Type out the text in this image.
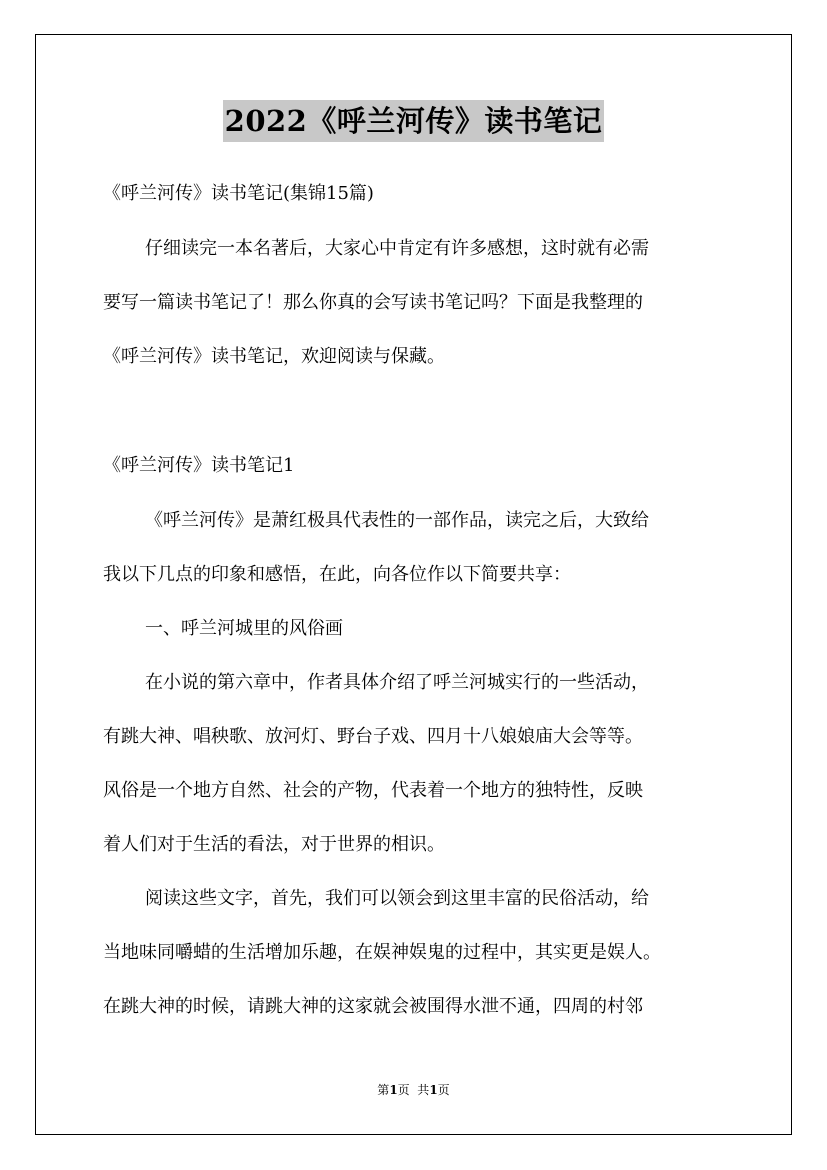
2022《呼兰河传》读书笔记
《呼兰河传》读书笔记(集锦15篇)
仔细读完一本名著后，大家心中肯定有许多感想，这时就有必需
要写一篇读书笔记了！那么你真的会写读书笔记吗？下面是我整理的
《呼兰河传》读书笔记，欢迎阅读与保藏。
《呼兰河传》读书笔记1
《呼兰河传》是萧红极具代表性的一部作品，读完之后，大致给
我以下几点的印象和感悟，在此，向各位作以下简要共享：
一、呼兰河城里的风俗画
在小说的第六章中，作者具体介绍了呼兰河城实行的一些活动，
有跳大神、唱秧歌、放河灯、野台子戏、四月十八娘娘庙大会等等。
风俗是一个地方自然、社会的产物，代表着一个地方的独特性，反映
着人们对于生活的看法，对于世界的相识。
阅读这些文字，首先，我们可以领会到这里丰富的民俗活动，给
当地味同嚼蜡的生活增加乐趣，在娱神娱鬼的过程中，其实更是娱人。
在跳大神的时候，请跳大神的这家就会被围得水泄不通，四周的村邻
第1页  共1页
